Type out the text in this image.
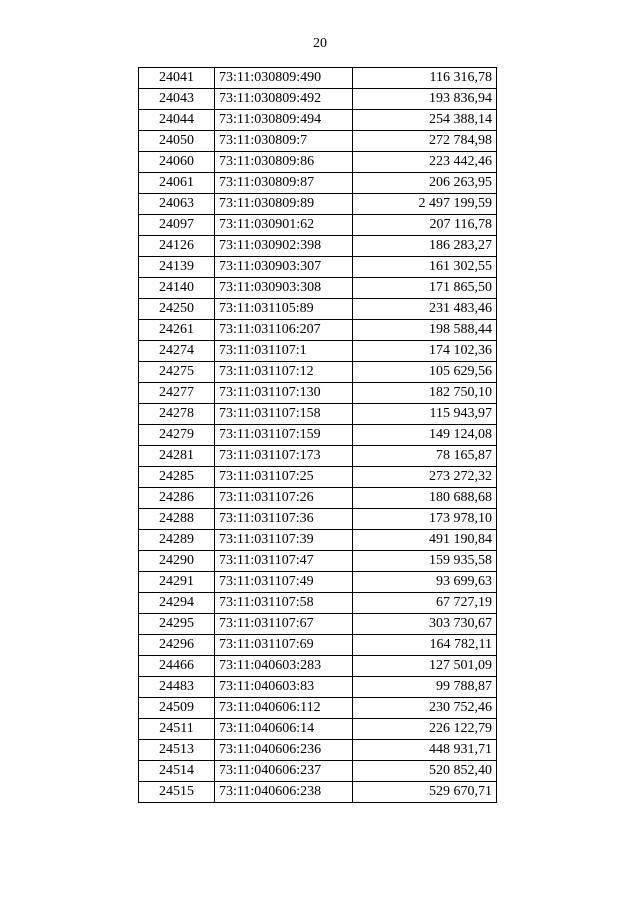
20
24041	73:11:030809:490	116 316,78
24043	73:11:030809:492	193 836,94
24044	73:11:030809:494	254 388,14
24050	73:11:030809:7	272 784,98
24060	73:11:030809:86	223 442,46
24061	73:11:030809:87	206 263,95
24063	73:11:030809:89	2 497 199,59
24097	73:11:030901:62	207 116,78
24126	73:11:030902:398	186 283,27
24139	73:11:030903:307	161 302,55
24140	73:11:030903:308	171 865,50
24250	73:11:031105:89	231 483,46
24261	73:11:031106:207	198 588,44
24274	73:11:031107:1	174 102,36
24275	73:11:031107:12	105 629,56
24277	73:11:031107:130	182 750,10
24278	73:11:031107:158	115 943,97
24279	73:11:031107:159	149 124,08
24281	73:11:031107:173	78 165,87
24285	73:11:031107:25	273 272,32
24286	73:11:031107:26	180 688,68
24288	73:11:031107:36	173 978,10
24289	73:11:031107:39	491 190,84
24290	73:11:031107:47	159 935,58
24291	73:11:031107:49	93 699,63
24294	73:11:031107:58	67 727,19
24295	73:11:031107:67	303 730,67
24296	73:11:031107:69	164 782,11
24466	73:11:040603:283	127 501,09
24483	73:11:040603:83	99 788,87
24509	73:11:040606:112	230 752,46
24511	73:11:040606:14	226 122,79
24513	73:11:040606:236	448 931,71
24514	73:11:040606:237	520 852,40
24515	73:11:040606:238	529 670,71
